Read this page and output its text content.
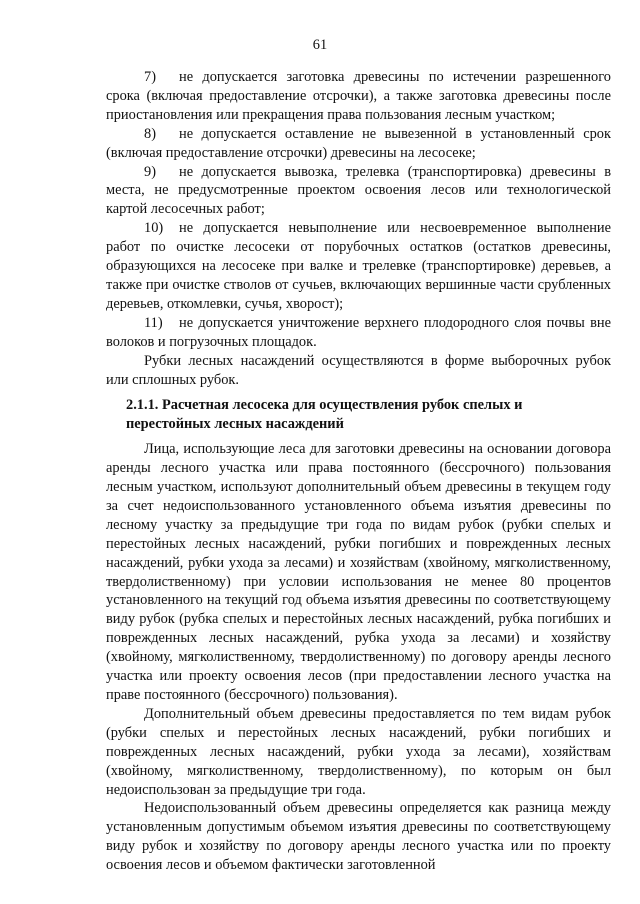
61

7) не допускается заготовка древесины по истечении разрешенного срока (включая предоставление отсрочки), а также заготовка древесины после приостановления или прекращения права пользования лесным участком;

8) не допускается оставление не вывезенной в установленный срок (включая предоставление отсрочки) древесины на лесосеке;

9) не допускается вывозка, трелевка (транспортировка) древесины в места, не предусмотренные проектом освоения лесов или технологической картой лесосечных работ;

10) не допускается невыполнение или несвоевременное выполнение работ по очистке лесосеки от порубочных остатков (остатков древесины, образующихся на лесосеке при валке и трелевке (транспортировке) деревьев, а также при очистке стволов от сучьев, включающих вершинные части срубленных деревьев, откомлевки, сучья, хворост);

11) не допускается уничтожение верхнего плодородного слоя почвы вне волоков и погрузочных площадок.

Рубки лесных насаждений осуществляются в форме выборочных рубок или сплошных рубок.

2.1.1. Расчетная лесосека для осуществления рубок спелых и
перестойных лесных насаждений

Лица, использующие леса для заготовки древесины на основании договора аренды лесного участка или права постоянного (бессрочного) пользования лесным участком, используют дополнительный объем древесины в текущем году за счет недоиспользованного установленного объема изъятия древесины по лесному участку за предыдущие три года по видам рубок (рубки спелых и перестойных лесных насаждений, рубки погибших и поврежденных лесных насаждений, рубки ухода за лесами) и хозяйствам (хвойному, мягколиственному, твердолиственному) при условии использования не менее 80 процентов установленного на текущий год объема изъятия древесины по соответствующему виду рубок (рубка спелых и перестойных лесных насаждений, рубка погибших и поврежденных лесных насаждений, рубка ухода за лесами) и хозяйству (хвойному, мягколиственному, твердолиственному) по договору аренды лесного участка или проекту освоения лесов (при предоставлении лесного участка на праве постоянного (бессрочного) пользования).

Дополнительный объем древесины предоставляется по тем видам рубок (рубки спелых и перестойных лесных насаждений, рубки погибших и поврежденных лесных насаждений, рубки ухода за лесами), хозяйствам (хвойному, мягколиственному, твердолиственному), по которым он был недоиспользован за предыдущие три года.

Недоиспользованный объем древесины определяется как разница между установленным допустимым объемом изъятия древесины по соответствующему виду рубок и хозяйству по договору аренды лесного участка или по проекту освоения лесов и объемом фактически заготовленной
